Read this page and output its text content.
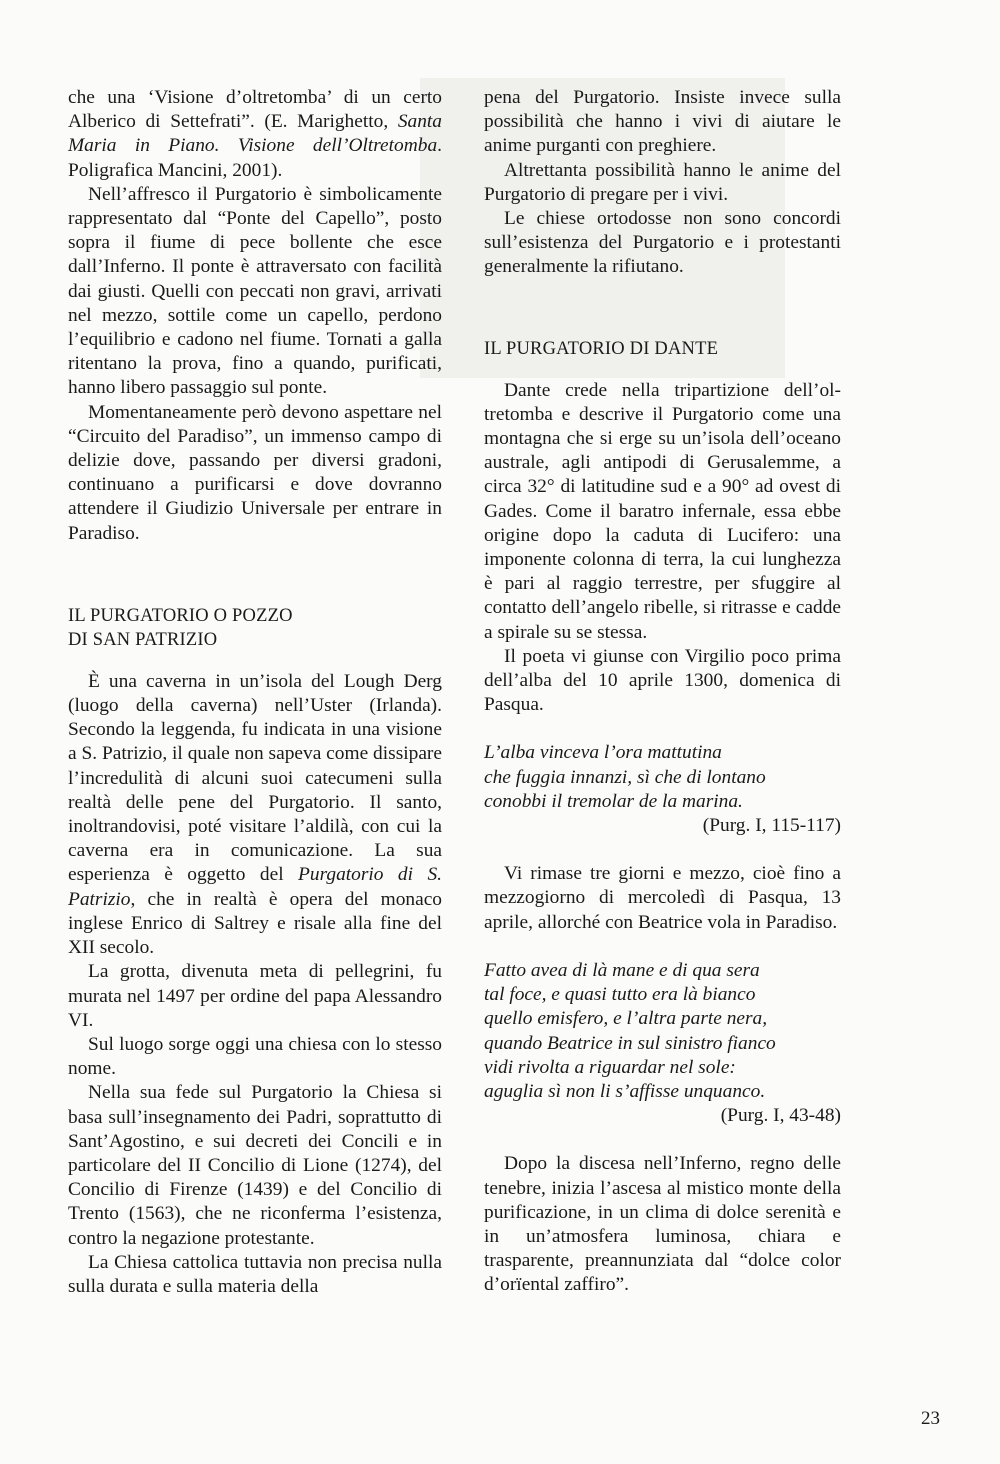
che una ‘Visione d’oltretomba’ di un certo Alberico di Settefrati”. (E. Marighetto, Santa Maria in Piano. Visione dell’Oltretomba. Poligrafica Mancini, 2001).

Nell’affresco il Purgatorio è simbolicamente rappresentato dal “Ponte del Capello”, posto sopra il fiume di pece bollente che esce dall’Inferno. Il ponte è attraversato con facilità dai giusti. Quelli con peccati non gravi, arrivati nel mezzo, sottile come un capello, perdono l’equilibrio e cadono nel fiume. Tornati a galla ritentano la prova, fino a quando, purificati, hanno libero passaggio sul ponte.

Momentaneamente però devono aspettare nel “Circuito del Paradiso”, un immenso campo di delizie dove, passando per diversi gradoni, continuano a purificarsi e dove dovranno attendere il Giudizio Universale per entrare in Paradiso.

IL PURGATORIO O POZZO
DI SAN PATRIZIO

È una caverna in un’isola del Lough Derg (luogo della caverna) nell’Uster (Irlanda). Secondo la leggenda, fu indicata in una visione a S. Patrizio, il quale non sapeva come dissipare l’incredulità di alcuni suoi catecumeni sulla realtà delle pene del Purgatorio. Il santo, inoltrandovisi, poté visitare l’aldilà, con cui la caverna era in comunicazione. La sua esperienza è oggetto del Purgatorio di S. Patrizio, che in realtà è opera del monaco inglese Enrico di Saltrey e risale alla fine del XII secolo.

La grotta, divenuta meta di pellegrini, fu murata nel 1497 per ordine del papa Alessandro VI.

Sul luogo sorge oggi una chiesa con lo stesso nome.

Nella sua fede sul Purgatorio la Chiesa si basa sull’insegnamento dei Padri, soprattutto di Sant’Agostino, e sui decreti dei Concili e in particolare del II Concilio di Lione (1274), del Concilio di Firenze (1439) e del Concilio di Trento (1563), che ne riconferma l’esistenza, contro la negazione protestante.

La Chiesa cattolica tuttavia non precisa nulla sulla durata e sulla materia della

pena del Purgatorio. Insiste invece sulla possibilità che hanno i vivi di aiutare le anime purganti con preghiere.

Altrettanta possibilità hanno le anime del Purgatorio di pregare per i vivi.

Le chiese ortodosse non sono concordi sull’esistenza del Purgatorio e i protestanti generalmente la rifiutano.

IL PURGATORIO DI DANTE

Dante crede nella tripartizione dell’oltretomba e descrive il Purgatorio come una montagna che si erge su un’isola dell’oceano australe, agli antipodi di Gerusalemme, a circa 32° di latitudine sud e a 90° ad ovest di Gades. Come il baratro infernale, essa ebbe origine dopo la caduta di Lucifero: una imponente colonna di terra, la cui lunghezza è pari al raggio terrestre, per sfuggire al contatto dell’angelo ribelle, si ritrasse e cadde a spirale su se stessa.

Il poeta vi giunse con Virgilio poco prima dell’alba del 10 aprile 1300, domenica di Pasqua.

L’alba vinceva l’ora mattutina
che fuggia innanzi, sì che di lontano
conobbi il tremolar de la marina.
(Purg. I, 115-117)

Vi rimase tre giorni e mezzo, cioè fino a mezzogiorno di mercoledì di Pasqua, 13 aprile, allorché con Beatrice vola in Paradiso.

Fatto avea di là mane e di qua sera
tal foce, e quasi tutto era là bianco
quello emisfero, e l’altra parte nera,
quando Beatrice in sul sinistro fianco
vidi rivolta a riguardar nel sole:
aguglia sì non li s’affisse unquanco.
(Purg. I, 43-48)

Dopo la discesa nell’Inferno, regno delle tenebre, inizia l’ascesa al mistico monte della purificazione, in un clima di dolce serenità e in un’atmosfera luminosa, chiara e trasparente, preannunziata dal “dolce color d’orïental zaffiro”.

23
